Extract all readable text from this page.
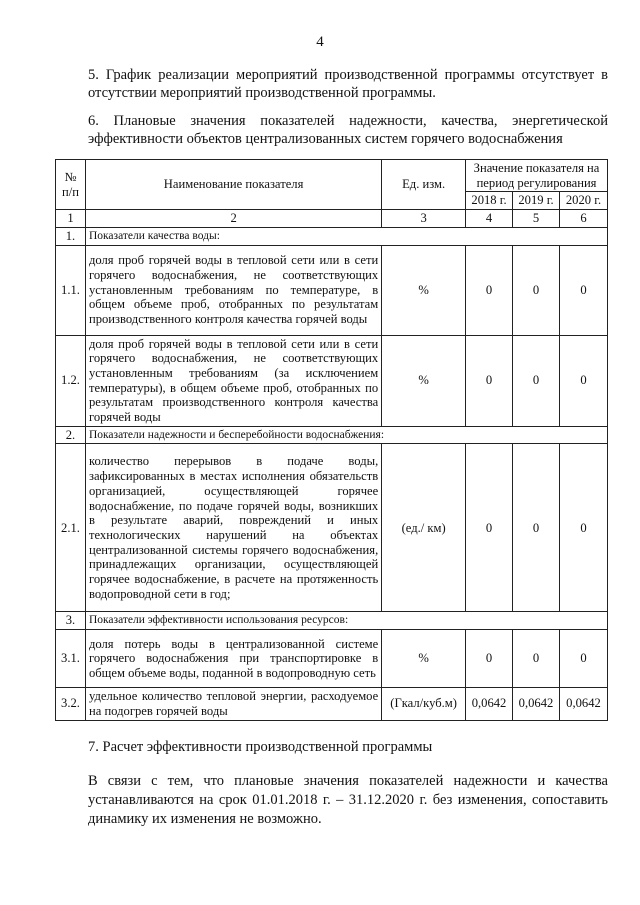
4
5. График реализации мероприятий производственной программы отсутствует в отсутствии мероприятий производственной программы.
6. Плановые значения показателей надежности, качества, энергетической эффективности объектов централизованных систем горячего водоснабжения
№ п/п	Наименование показателя	Ед. изм.	Значение показателя на период регулирования		
			2018 г.	2019 г.	2020 г.
1	2	3	4	5	6
1.	Показатели качества воды:				
1.1.	доля проб горячей воды в тепловой сети или в сети горячего водоснабжения, не соответствующих установленным требованиям по температуре, в общем объеме проб, отобранных по результатам производственного контроля качества горячей воды	%	0	0	0
1.2.	доля проб горячей воды в тепловой сети или в сети горячего водоснабжения, не соответствующих установленным требованиям (за исключением температуры), в общем объеме проб, отобранных по результатам производственного контроля качества горячей воды	%	0	0	0
2.	Показатели надежности и бесперебойности водоснабжения:				
2.1.	количество перерывов в подаче воды, зафиксированных в местах исполнения обязательств организацией, осуществляющей горячее водоснабжение, по подаче горячей воды, возникших в результате аварий, повреждений и иных технологических нарушений на объектах централизованной системы горячего водоснабжения, принадлежащих организации, осуществляющей горячее водоснабжение, в расчете на протяженность водопроводной сети в год;	(ед./ км)	0	0	0
3.	Показатели эффективности использования ресурсов:				
3.1.	доля потерь воды в централизованной системе горячего водоснабжения при транспортировке в общем объеме воды, поданной в водопроводную сеть	%	0	0	0
3.2.	удельное количество тепловой энергии, расходуемое на подогрев горячей воды	(Гкал/куб.м)	0,0642	0,0642	0,0642
7. Расчет эффективности производственной программы
В связи с тем, что плановые значения показателей надежности и качества устанавливаются на срок 01.01.2018 г. – 31.12.2020 г. без изменения, сопоставить динамику их изменения не возможно.
